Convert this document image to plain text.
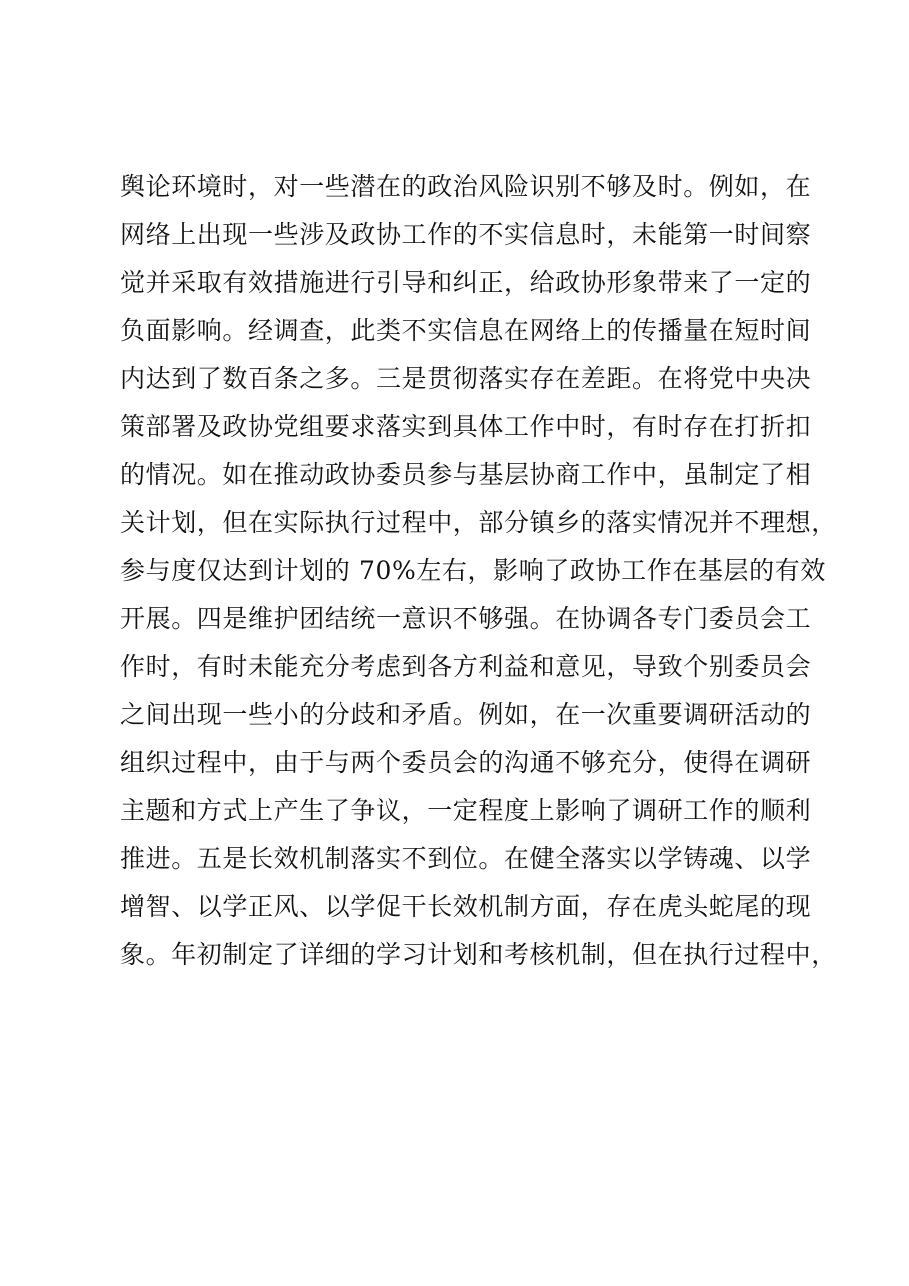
舆论环境时，对一些潜在的政治风险识别不够及时。例如，在
网络上出现一些涉及政协工作的不实信息时，未能第一时间察
觉并采取有效措施进行引导和纠正，给政协形象带来了一定的
负面影响。经调查，此类不实信息在网络上的传播量在短时间
内达到了数百条之多。三是贯彻落实存在差距。在将党中央决
策部署及政协党组要求落实到具体工作中时，有时存在打折扣
的情况。如在推动政协委员参与基层协商工作中，虽制定了相
关计划，但在实际执行过程中，部分镇乡的落实情况并不理想，
参与度仅达到计划的 70%左右，影响了政协工作在基层的有效
开展。四是维护团结统一意识不够强。在协调各专门委员会工
作时，有时未能充分考虑到各方利益和意见，导致个别委员会
之间出现一些小的分歧和矛盾。例如，在一次重要调研活动的
组织过程中，由于与两个委员会的沟通不够充分，使得在调研
主题和方式上产生了争议，一定程度上影响了调研工作的顺利
推进。五是长效机制落实不到位。在健全落实以学铸魂、以学
增智、以学正风、以学促干长效机制方面，存在虎头蛇尾的现
象。年初制定了详细的学习计划和考核机制，但在执行过程中，
